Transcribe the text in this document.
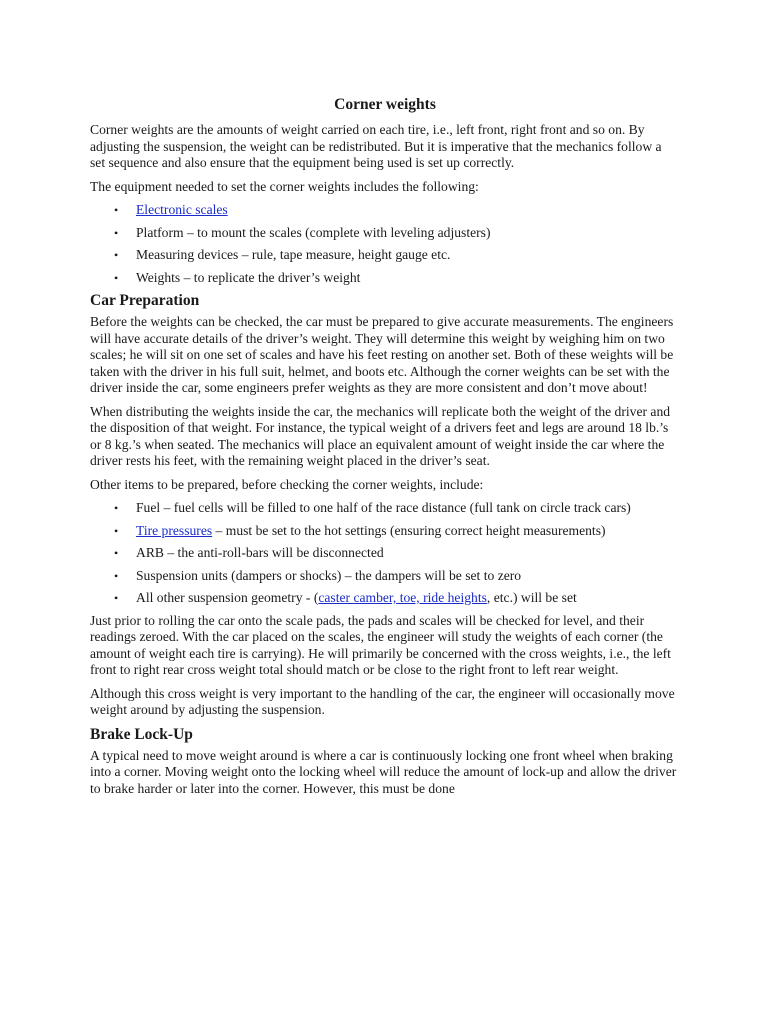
Corner weights

Corner weights are the amounts of weight carried on each tire, i.e., left front, right front and so on. By adjusting the suspension, the weight can be redistributed. But it is imperative that the mechanics follow a set sequence and also ensure that the equipment being used is set up correctly.

The equipment needed to set the corner weights includes the following:

• Electronic scales
• Platform – to mount the scales (complete with leveling adjusters)
• Measuring devices – rule, tape measure, height gauge etc.
• Weights – to replicate the driver’s weight
Car Preparation

Before the weights can be checked, the car must be prepared to give accurate measurements. The engineers will have accurate details of the driver’s weight. They will determine this weight by weighing him on two scales; he will sit on one set of scales and have his feet resting on another set. Both of these weights will be taken with the driver in his full suit, helmet, and boots etc. Although the corner weights can be set with the driver inside the car, some engineers prefer weights as they are more consistent and don’t move about!

When distributing the weights inside the car, the mechanics will replicate both the weight of the driver and the disposition of that weight. For instance, the typical weight of a drivers feet and legs are around 18 lb.’s or 8 kg.’s when seated. The mechanics will place an equivalent amount of weight inside the car where the driver rests his feet, with the remaining weight placed in the driver’s seat.

Other items to be prepared, before checking the corner weights, include:

• Fuel – fuel cells will be filled to one half of the race distance (full tank on circle track cars)
• Tire pressures – must be set to the hot settings (ensuring correct height measurements)
• ARB – the anti-roll-bars will be disconnected
• Suspension units (dampers or shocks) – the dampers will be set to zero
• All other suspension geometry - (caster camber, toe, ride heights, etc.) will be set

Just prior to rolling the car onto the scale pads, the pads and scales will be checked for level, and their readings zeroed. With the car placed on the scales, the engineer will study the weights of each corner (the amount of weight each tire is carrying). He will primarily be concerned with the cross weights, i.e., the left front to right rear cross weight total should match or be close to the right front to left rear weight.

Although this cross weight is very important to the handling of the car, the engineer will occasionally move weight around by adjusting the suspension.

Brake Lock-Up

A typical need to move weight around is where a car is continuously locking one front wheel when braking into a corner. Moving weight onto the locking wheel will reduce the amount of lock-up and allow the driver to brake harder or later into the corner. However, this must be done
